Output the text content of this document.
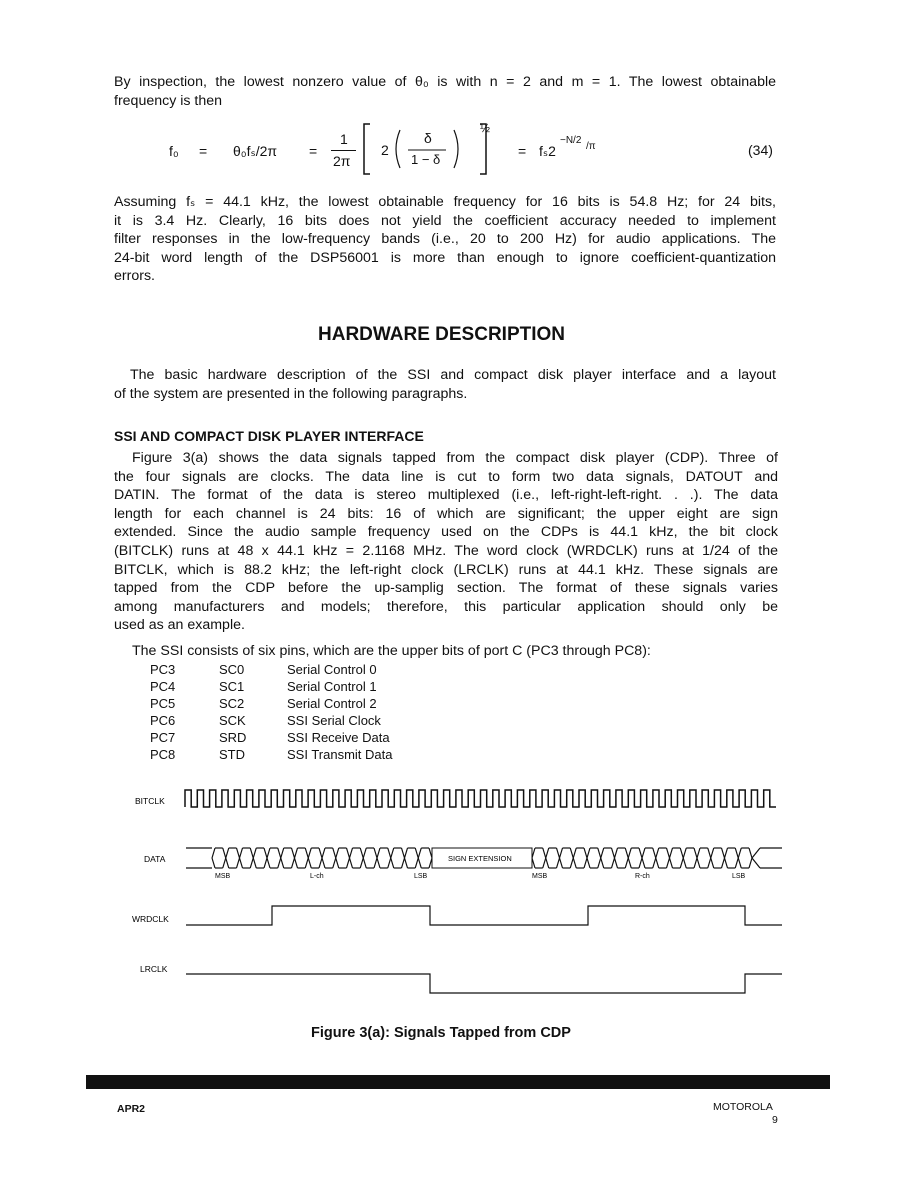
By inspection, the lowest nonzero value of θ₀ is with n = 2 and m = 1. The lowest obtainable
frequency is then
f₀ = θ₀fₛ/2π =
1
2π
2
δ
1 − δ
½
= fₛ2
−N/2
/π	(34)
Assuming fₛ = 44.1 kHz, the lowest obtainable frequency for 16 bits is 54.8 Hz; for 24 bits,
it is 3.4 Hz. Clearly, 16 bits does not yield the coefficient accuracy needed to implement
filter responses in the low-frequency bands (i.e., 20 to 200 Hz) for audio applications. The
24-bit word length of the DSP56001 is more than enough to ignore coefficient-quantization
errors.
HARDWARE DESCRIPTION
The basic hardware description of the SSI and compact disk player interface and a layout
of the system are presented in the following paragraphs.
SSI AND COMPACT DISK PLAYER INTERFACE
Figure 3(a) shows the data signals tapped from the compact disk player (CDP). Three of
the four signals are clocks. The data line is cut to form two data signals, DATOUT and
DATIN. The format of the data is stereo multiplexed (i.e., left-right-left-right. . .). The data
length for each channel is 24 bits: 16 of which are significant; the upper eight are sign
extended. Since the audio sample frequency used on the CDPs is 44.1 kHz, the bit clock
(BITCLK) runs at 48 x 44.1 kHz = 2.1168 MHz. The word clock (WRDCLK) runs at 1/24 of the
BITCLK, which is 88.2 kHz; the left-right clock (LRCLK) runs at 44.1 kHz. These signals are
tapped from the CDP before the up-samplig section. The format of these signals varies
among manufacturers and models; therefore, this particular application should only be
used as an example.
The SSI consists of six pins, which are the upper bits of port C (PC3 through PC8):
PC3	SC0	Serial Control 0
PC4	SC1	Serial Control 1
PC5	SC2	Serial Control 2
PC6	SCK	SSI Serial Clock
PC7	SRD	SSI Receive Data
PC8	STD	SSI Transmit Data
BITCLK
DATA
WRDCLK
LRCLK
SIGN EXTENSION
MSB	L-ch	LSB	MSB	R-ch	LSB
Figure 3(a): Signals Tapped from CDP
APR2	MOTOROLA
9
